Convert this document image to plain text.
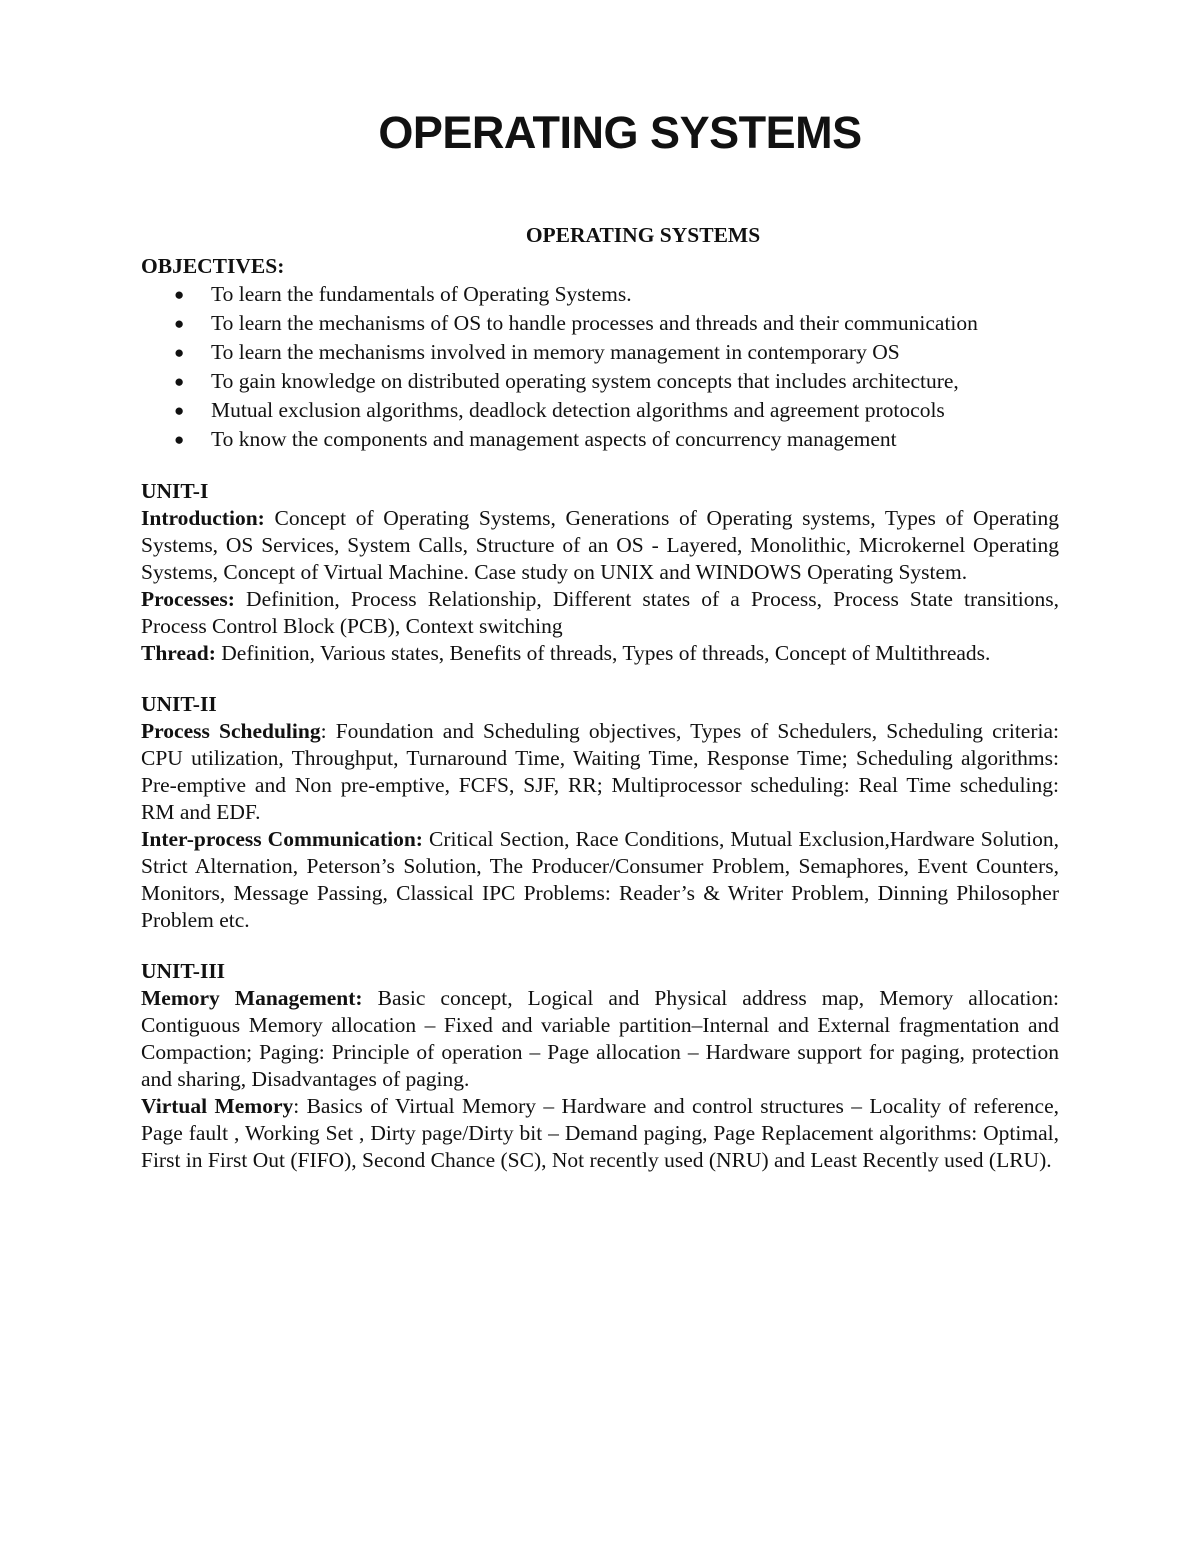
OPERATING SYSTEMS
OPERATING SYSTEMS
OBJECTIVES:
● To learn the fundamentals of Operating Systems.
● To learn the mechanisms of OS to handle processes and threads and their communication
● To learn the mechanisms involved in memory management in contemporary OS
● To gain knowledge on distributed operating system concepts that includes architecture,
● Mutual exclusion algorithms, deadlock detection algorithms and agreement protocols
● To know the components and management aspects of concurrency management
UNIT-I

Introduction: Concept of Operating Systems, Generations of Operating systems, Types of Operating Systems, OS Services, System Calls, Structure of an OS - Layered, Monolithic, Microkernel Operating Systems, Concept of Virtual Machine. Case study on UNIX and WINDOWS Operating System.

Processes: Definition, Process Relationship, Different states of a Process, Process State transitions, Process Control Block (PCB), Context switching

Thread: Definition, Various states, Benefits of threads, Types of threads, Concept of Multithreads.

UNIT-II

Process Scheduling: Foundation and Scheduling objectives, Types of Schedulers, Scheduling criteria: CPU utilization, Throughput, Turnaround Time, Waiting Time, Response Time; Scheduling algorithms: Pre-emptive and Non pre-emptive, FCFS, SJF, RR; Multiprocessor scheduling: Real Time scheduling: RM and EDF.

Inter-process Communication: Critical Section, Race Conditions, Mutual Exclusion,Hardware Solution, Strict Alternation, Peterson’s Solution, The Producer/Consumer Problem, Semaphores, Event Counters, Monitors, Message Passing, Classical IPC Problems: Reader’s & Writer Problem, Dinning Philosopher Problem etc.

UNIT-III

Memory Management: Basic concept, Logical and Physical address map, Memory allocation: Contiguous Memory allocation – Fixed and variable partition–Internal and External fragmentation and Compaction; Paging: Principle of operation – Page allocation – Hardware support for paging, protection and sharing, Disadvantages of paging.

Virtual Memory: Basics of Virtual Memory – Hardware and control structures – Locality of reference, Page fault , Working Set , Dirty page/Dirty bit – Demand paging, Page Replacement algorithms: Optimal, First in First Out (FIFO), Second Chance (SC), Not recently used (NRU) and Least Recently used (LRU).
